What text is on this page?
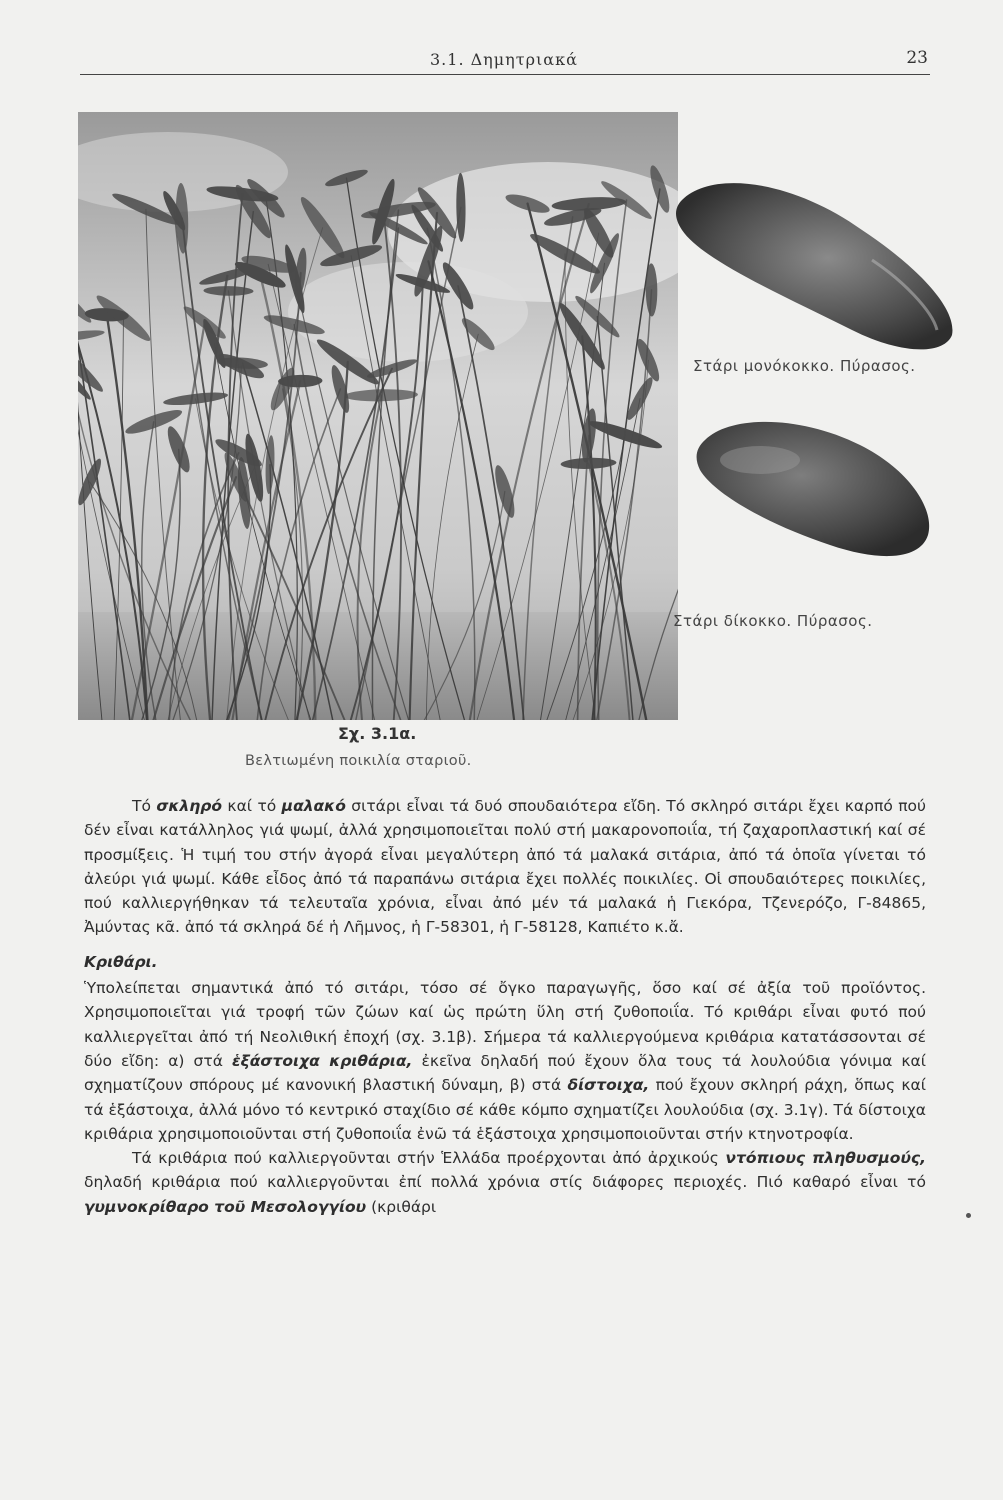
3.1. Δημητριακά	23
Στάρι μονόκοκκο. Πύρασος.
Στάρι δίκοκκο. Πύρασος.
Σχ. 3.1α.
Βελτιωμένη ποικιλία σταριοῦ.

Τό σκληρό καί τό μαλακό σιτάρι εἶναι τά δυό σπουδαιότερα εἴδη. Τό σκληρό σιτάρι ἔχει καρπό πού δέν εἶναι κατάλληλος γιά ψωμί, ἀλλά χρησιμοποιεῖται πολύ στή μακαρονοποιΐα, τή ζαχαροπλαστική καί σέ προσμίξεις. Ἡ τιμή του στήν ἀγορά εἶναι μεγαλύτερη ἀπό τά μαλακά σιτάρια, ἀπό τά ὁποῖα γίνεται τό ἀλεύρι γιά ψωμί. Κάθε εἶδος ἀπό τά παραπάνω σιτάρια ἔχει πολλές ποικιλίες. Οἱ σπουδαιότερες ποικιλίες, πού καλλιεργήθηκαν τά τελευταῖα χρόνια, εἶναι ἀπό μέν τά μαλακά ἡ Γιεκόρα, Τζενερόζο, Γ-84865, Ἀμύντας κᾶ. ἀπό τά σκληρά δέ ἡ Λῆμνος, ἡ Γ-58301, ἡ Γ-58128, Καπιέτο κ.ἄ.

Κριθάρι.

Ὑπολείπεται σημαντικά ἀπό τό σιτάρι, τόσο σέ ὄγκο παραγωγῆς, ὅσο καί σέ ἀξία τοῦ προϊόντος. Χρησιμοποιεῖται γιά τροφή τῶν ζώων καί ὡς πρώτη ὕλη στή ζυθοποιΐα. Τό κριθάρι εἶναι φυτό πού καλλιεργεῖται ἀπό τή Νεολιθική ἐποχή (σχ. 3.1β). Σήμερα τά καλλιεργούμενα κριθάρια κατατάσσονται σέ δύο εἴδη: α) στά ἑξάστοιχα κριθάρια, ἐκεῖνα δηλαδή πού ἔχουν ὅλα τους τά λουλούδια γόνιμα καί σχηματίζουν σπόρους μέ κανονική βλαστική δύναμη, β) στά δίστοιχα, πού ἔχουν σκληρή ράχη, ὅπως καί τά ἑξάστοιχα, ἀλλά μόνο τό κεντρικό σταχίδιο σέ κάθε κόμπο σχηματίζει λουλούδια (σχ. 3.1γ). Τά δίστοιχα κριθάρια χρησιμοποιοῦνται στή ζυθοποιΐα ἐνῶ τά ἑξάστοιχα χρησιμοποιοῦνται στήν κτηνοτροφία.

Τά κριθάρια πού καλλιεργοῦνται στήν Ἑλλάδα προέρχονται ἀπό ἀρχικούς ντόπιους πληθυσμούς, δηλαδή κριθάρια πού καλλιεργοῦνται ἐπί πολλά χρόνια στίς διάφορες περιοχές. Πιό καθαρό εἶναι τό γυμνοκρίθαρο τοῦ Μεσολογγίου (κριθάρι
